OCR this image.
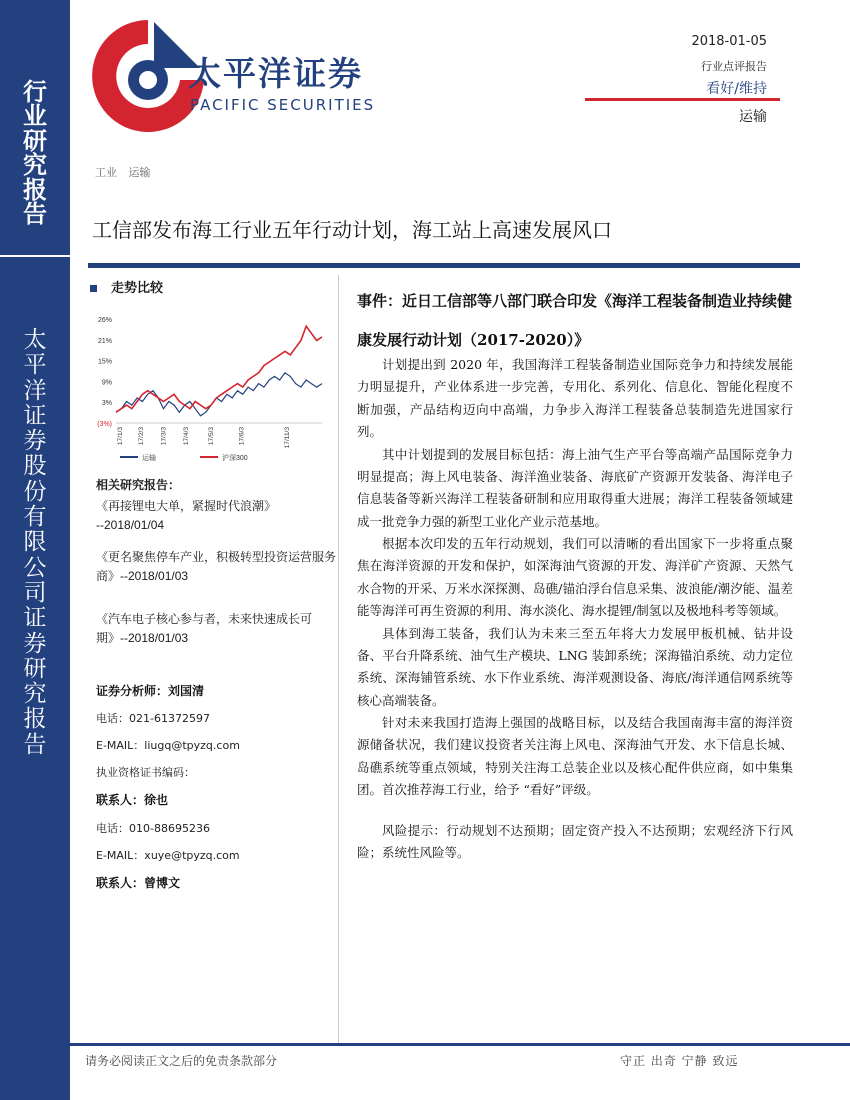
行
业
研
究
报
告
太
平
洋
证
券
股
份
有
限
公
司
证
券
研
究
报
告
太平洋证券
PACIFIC SECURITIES
2018-01-05
行业点评报告
看好/维持
运输
工业 运输
工信部发布海工行业五年行动计划，海工站上高速发展风口
走势比较
26%
21%
15%
9%
3%
(3%)
17/1/3 17/2/3 17/3/3 17/4/3	17/5/3	17/6/3	17/11/3
运输	沪深300
相关研究报告：
《再接锂电大单，紧握时代浪潮》
--2018/01/04
《更名聚焦停车产业，积极转型投资运营服务商》--2018/01/03
《汽车电子核心参与者，未来快速成长可期》--2018/01/03
证券分析师：刘国清
电话：021-61372597
E-MAIL：liugq@tpyzq.com
执业资格证书编码：
联系人：徐也
电话：010-88695236
E-MAIL：xuye@tpyzq.com
联系人：曾博文
事件：近日工信部等八部门联合印发《海洋工程装备制造业持续健康发展行动计划（2017-2020）》

计划提出到 2020 年，我国海洋工程装备制造业国际竞争力和持续发展能力明显提升，产业体系进一步完善，专用化、系列化、信息化、智能化程度不断加强，产品结构迈向中高端，力争步入海洋工程装备总装制造先进国家行列。

其中计划提到的发展目标包括：海上油气生产平台等高端产品国际竞争力明显提高；海上风电装备、海洋渔业装备、海底矿产资源开发装备、海洋电子信息装备等新兴海洋工程装备研制和应用取得重大进展；海洋工程装备领域建成一批竞争力强的新型工业化产业示范基地。

根据本次印发的五年行动规划，我们可以清晰的看出国家下一步将重点聚焦在海洋资源的开发和保护，如深海油气资源的开发、海洋矿产资源、天然气水合物的开采、万米水深探测、岛礁/锚泊浮台信息采集、波浪能/潮汐能、温差能等海洋可再生资源的利用、海水淡化、海水提锂/制氢以及极地科考等领域。

具体到海工装备，我们认为未来三至五年将大力发展甲板机械、钻井设备、平台升降系统、油气生产模块、LNG 装卸系统；深海锚泊系统、动力定位系统、深海铺管系统、水下作业系统、海洋观测设备、海底/海洋通信网系统等核心高端装备。

针对未来我国打造海上强国的战略目标，以及结合我国南海丰富的海洋资源储备状况，我们建议投资者关注海上风电、深海油气开发、水下信息长城、岛礁系统等重点领域，特别关注海工总装企业以及核心配件供应商，如中集集团。首次推荐海工行业，给予 “看好”评级。

风险提示：行动规划不达预期；固定资产投入不达预期；宏观经济下行风险；系统性风险等。

请务必阅读正文之后的免责条款部分	守正 出奇 宁静 致远
